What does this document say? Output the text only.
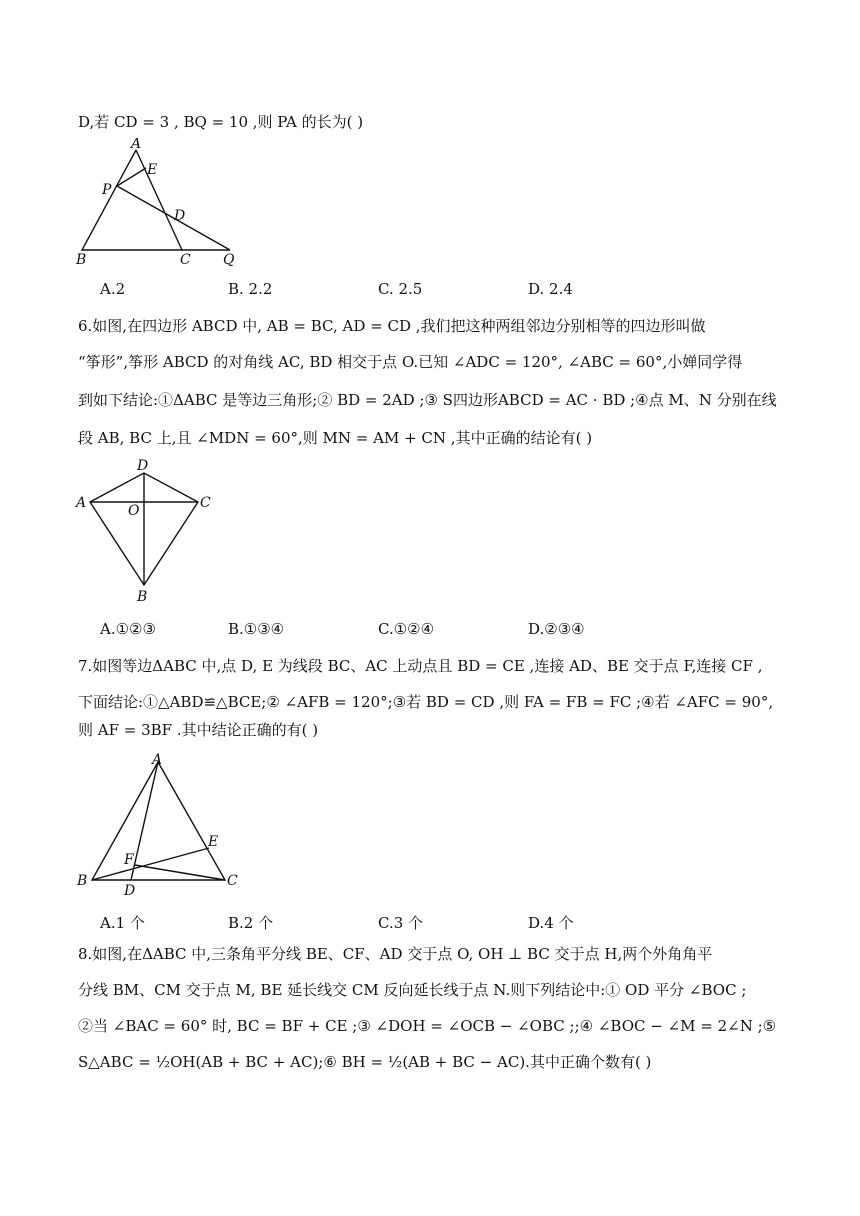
D,若 CD = 3 , BQ = 10 ,则 PA 的长为( )
A
E
P
D
B	C Q
A.2	B. 2.2	C. 2.5	D. 2.4
6.如图,在四边形 ABCD 中, AB = BC, AD = CD ,我们把这种两组邻边分别相等的四边形叫做
“筝形”,筝形 ABCD 的对角线 AC, BD 相交于点 O.已知 ∠ADC = 120°, ∠ABC = 60°,小婵同学得
到如下结论:①ΔABC 是等边三角形;② BD = 2AD ;③ S四边形ABCD = AC · BD ;④点 M、N 分别在线
段 AB, BC 上,且 ∠MDN = 60°,则 MN = AM + CN ,其中正确的结论有( )
D
A	O	C
B
A.①②③	B.①③④	C.①②④	D.②③④
7.如图等边ΔABC 中,点 D, E 为线段 BC、AC 上动点且 BD = CE ,连接 AD、BE 交于点 F,连接 CF ,
下面结论:①△ABD≌△BCE;② ∠AFB = 120°;③若 BD = CD ,则 FA = FB = FC ;④若 ∠AFC = 90°,
则 AF = 3BF .其中结论正确的有( )
A
E
F
B
D
C
A.1 个	B.2 个	C.3 个	D.4 个
8.如图,在ΔABC 中,三条角平分线 BE、CF、AD 交于点 O, OH ⊥ BC 交于点 H,两个外角角平
分线 BM、CM 交于点 M, BE 延长线交 CM 反向延长线于点 N.则下列结论中:① OD 平分 ∠BOC ;
②当 ∠BAC = 60° 时, BC = BF + CE ;③ ∠DOH = ∠OCB − ∠OBC ;;④ ∠BOC − ∠M = 2∠N ;⑤
S△ABC = ½OH(AB + BC + AC);⑥ BH = ½(AB + BC − AC).其中正确个数有( )
